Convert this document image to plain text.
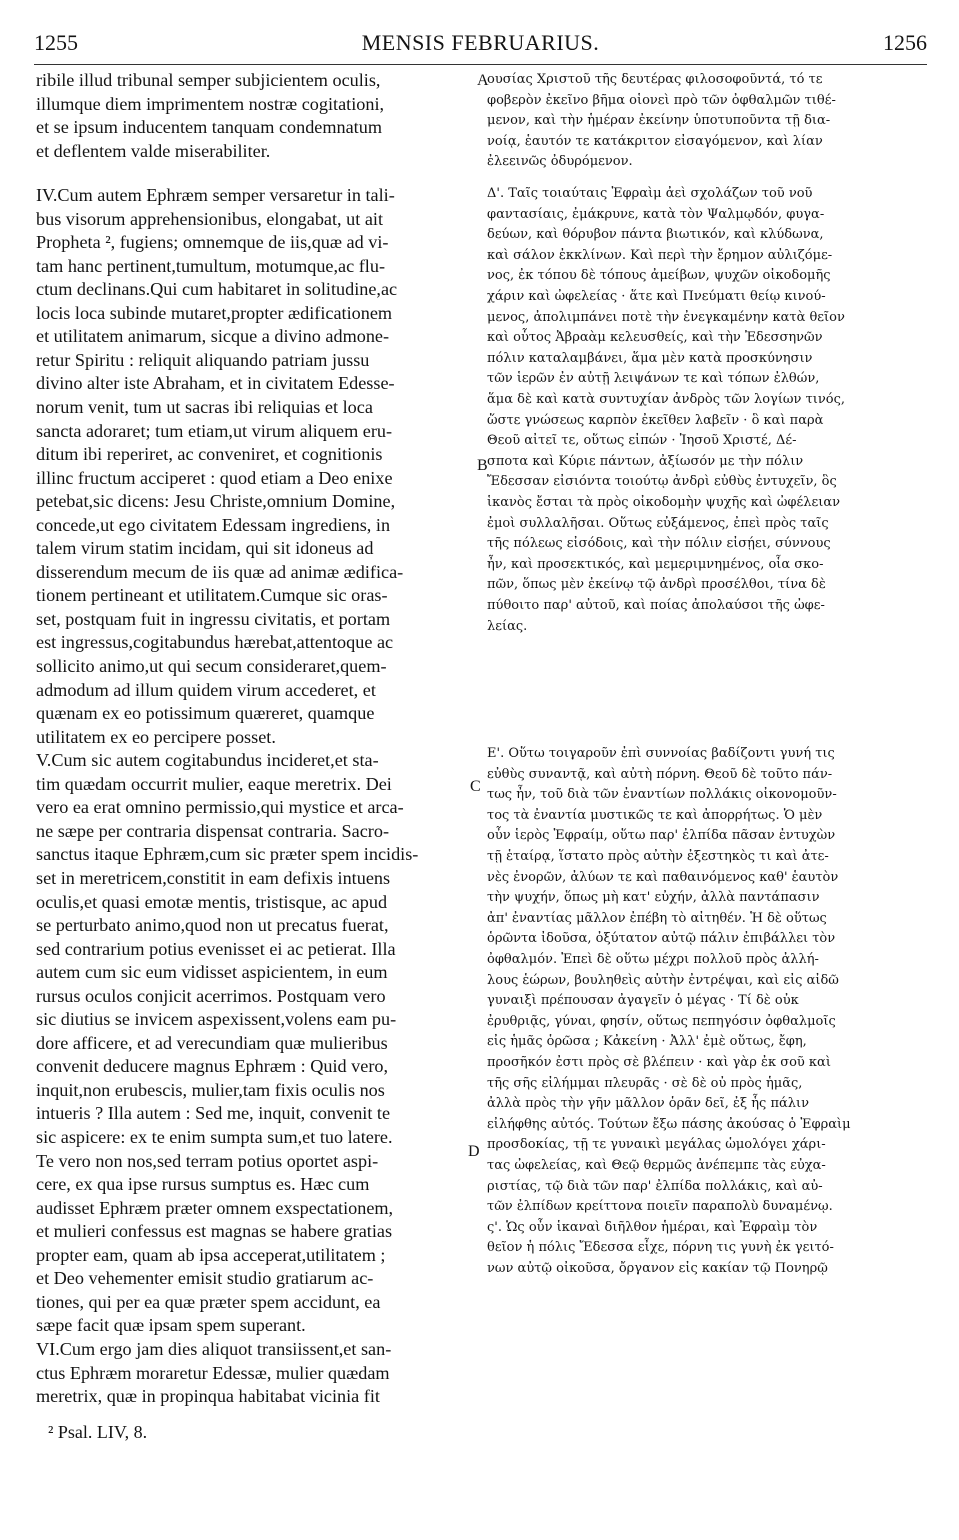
1255	MENSIS FEBRUARIUS.	1256
ribile illud tribunal semper subjicientem oculis,
illumque diem imprimentem nostræ cogitationi,
et se ipsum inducentem tanquam condemnatum
et deflentem valde miserabiliter.
IV.Cum autem Ephræm semper versaretur in tali-
bus visorum apprehensionibus, elongabat, ut ait
Propheta ², fugiens; omnemque de iis,quæ ad vi-
tam hanc pertinent,tumultum, motumque,ac flu-
ctum declinans.Qui cum habitaret in solitudine,ac
locis loca subinde mutaret,propter ædificationem
et utilitatem animarum, sicque a divino admone-
retur Spiritu : reliquit aliquando patriam jussu
divino alter iste Abraham, et in civitatem Edesse-
norum venit, tum ut sacras ibi reliquias et loca
sancta adoraret; tum etiam,ut virum aliquem eru-
ditum ibi reperiret, ac conveniret, et cognitionis
illinc fructum acciperet : quod etiam a Deo enixe
petebat,sic dicens: Jesu Christe,omnium Domine,
concede,ut ego civitatem Edessam ingrediens, in
talem virum statim incidam, qui sit idoneus ad
disserendum mecum de iis quæ ad animæ ædifica-
tionem pertineant et utilitatem.Cumque sic oras-
set, postquam fuit in ingressu civitatis, et portam
est ingressus,cogitabundus hærebat,attentoque ac
sollicito animo,ut qui secum consideraret,quem-
admodum ad illum quidem virum accederet, et
quænam ex eo potissimum quæreret, quamque
utilitatem ex eo percipere posset.
V.Cum sic autem cogitabundus incideret,et sta-
tim quædam occurrit mulier, eaque meretrix. Dei
vero ea erat omnino permissio,qui mystice et arca-
ne sæpe per contraria dispensat contraria. Sacro-
sanctus itaque Ephræm,cum sic præter spem incidis-
set in meretricem,constitit in eam defixis intuens
oculis,et quasi emotæ mentis, tristisque, ac apud
se perturbato animo,quod non ut precatus fuerat,
sed contrarium potius evenisset ei ac petierat. Illa
autem cum sic eum vidisset aspicientem, in eum
rursus oculos conjicit acerrimos. Postquam vero
sic diutius se invicem aspexissent,volens eam pu-
dore afficere, et ad verecundiam quæ mulieribus
convenit deducere magnus Ephræm : Quid vero,
inquit,non erubescis, mulier,tam fixis oculis nos
intueris ? Illa autem : Sed me, inquit, convenit te
sic aspicere: ex te enim sumpta sum,et tuo latere.
Te vero non nos,sed terram potius oportet aspi-
cere, ex qua ipse rursus sumptus es. Hæc cum
audisset Ephræm præter omnem exspectationem,
et mulieri confessus est magnas se habere gratias
propter eam, quam ab ipsa acceperat,utilitatem ;
et Deo vehementer emisit studio gratiarum ac-
tiones, qui per ea quæ præter spem accidunt, ea
sæpe facit quæ ipsam spem superant.
VI.Cum ergo jam dies aliquot transiissent,et san-
ctus Ephræm moraretur Edessæ, mulier quædam
meretrix, quæ in propinqua habitabat vicinia fit
ουσίας Χριστοῦ τῆς δευτέρας φιλοσοφοῦντά, τό τε
φοβερὸν ἐκεῖνο βῆμα οἱονεὶ πρὸ τῶν ὀφθαλμῶν τιθέ-
μενον, καὶ τὴν ἡμέραν ἐκείνην ὑποτυποῦντα τῇ δια-
νοίᾳ, ἑαυτόν τε κατάκριτον εἰσαγόμενον, καὶ λίαν
ἐλεεινῶς ὀδυρόμενον.
Δ'. Ταῖς τοιαύταις Ἐφραὶμ ἀεὶ σχολάζων τοῦ νοῦ
φαντασίαις, ἐμάκρυνε, κατὰ τὸν Ψαλμῳδόν, φυγα-
δεύων, καὶ θόρυβον πάντα βιωτικόν, καὶ κλύδωνα,
καὶ σάλον ἐκκλίνων. Καὶ περὶ τὴν ἔρημον αὐλιζόμε-
νος, ἐκ τόπου δὲ τόπους ἀμείβων, ψυχῶν οἰκοδομῆς
χάριν καὶ ὠφελείας · ἅτε καὶ Πνεύματι θείῳ κινού-
μενος, ἀπολιμπάνει ποτὲ τὴν ἐνεγκαμένην κατὰ θεῖον
καὶ οὗτος Ἀβραὰμ κελευσθείς, καὶ τὴν Ἐδεσσηνῶν
πόλιν καταλαμβάνει, ἅμα μὲν κατὰ προσκύνησιν
τῶν ἱερῶν ἐν αὐτῇ λειψάνων τε καὶ τόπων ἐλθών,
ἅμα δὲ καὶ κατὰ συντυχίαν ἀνδρὸς τῶν λογίων τινός,
ὥστε γνώσεως καρπὸν ἐκεῖθεν λαβεῖν · ὃ καὶ παρὰ
Θεοῦ αἰτεῖ τε, οὕτως εἰπών · Ἰησοῦ Χριστέ, Δέ-
σποτα καὶ Κύριε πάντων, ἀξίωσόν με τὴν πόλιν
Ἔδεσσαν εἰσιόντα τοιούτῳ ἀνδρὶ εὐθὺς ἐντυχεῖν, ὃς
ἱκανὸς ἔσται τὰ πρὸς οἰκοδομὴν ψυχῆς καὶ ὠφέλειαν
ἐμοὶ συλλαλῆσαι. Οὕτως εὐξάμενος, ἐπεὶ πρὸς ταῖς
τῆς πόλεως εἰσόδοις, καὶ τὴν πόλιν εἰσῄει, σύννους
ἦν, καὶ προσεκτικός, καὶ μεμεριμνημένος, οἷα σκο-
πῶν, ὅπως μὲν ἐκείνῳ τῷ ἀνδρὶ προσέλθοι, τίνα δὲ
πύθοιτο παρ' αὐτοῦ, καὶ ποίας ἀπολαύσοι τῆς ὠφε-
λείας.
Ε'. Οὕτω τοιγαροῦν ἐπὶ συννοίας βαδίζοντι γυνή τις
εὐθὺς συναντᾷ, καὶ αὐτὴ πόρνη. Θεοῦ δὲ τοῦτο πάν-
τως ἦν, τοῦ διὰ τῶν ἐναντίων πολλάκις οἰκονομοῦν-
τος τὰ ἐναντία μυστικῶς τε καὶ ἀπορρήτως. Ὁ μὲν
οὖν ἱερὸς Ἐφραίμ, οὕτω παρ' ἐλπίδα πᾶσαν ἐντυχὼν
τῇ ἑταίρᾳ, ἵστατο πρὸς αὐτὴν ἐξεστηκὸς τι καὶ ἀτε-
νὲς ἐνορῶν, ἀλύων τε καὶ παθαινόμενος καθ' ἑαυτὸν
τὴν ψυχήν, ὅπως μὴ κατ' εὐχήν, ἀλλὰ παντάπασιν
ἀπ' ἐναντίας μᾶλλον ἐπέβη τὸ αἰτηθέν. Ἡ δὲ οὕτως
ὁρῶντα ἰδοῦσα, ὀξύτατον αὐτῷ πάλιν ἐπιβάλλει τὸν
ὀφθαλμόν. Ἐπεὶ δὲ οὕτω μέχρι πολλοῦ πρὸς ἀλλή-
λους ἑώρων, βουληθεὶς αὐτὴν ἐντρέψαι, καὶ εἰς αἰδῶ
γυναιξὶ πρέπουσαν ἀγαγεῖν ὁ μέγας · Τί δὲ οὐκ
ἐρυθριᾷς, γύναι, φησίν, οὕτως πεπηγόσιν ὀφθαλμοῖς
εἰς ἡμᾶς ὁρῶσα ; Κἀκείνη · Ἀλλ' ἐμὲ οὕτως, ἔφη,
προσῆκόν ἐστι πρὸς σὲ βλέπειν · καὶ γὰρ ἐκ σοῦ καὶ
τῆς σῆς εἰλήμμαι πλευρᾶς · σὲ δὲ οὐ πρὸς ἡμᾶς,
ἀλλὰ πρὸς τὴν γῆν μᾶλλον ὁρᾶν δεῖ, ἐξ ἧς πάλιν
εἰλήφθης αὐτός. Τούτων ἔξω πάσης ἀκούσας ὁ Ἐφραὶμ
προσδοκίας, τῇ τε γυναικὶ μεγάλας ὡμολόγει χάρι-
τας ὠφελείας, καὶ Θεῷ θερμῶς ἀνέπεμπε τὰς εὐχα-
ριστίας, τῷ διὰ τῶν παρ' ἐλπίδα πολλάκις, καὶ αὐ-
τῶν ἐλπίδων κρείττονα ποιεῖν παραπολὺ δυναμένῳ.
ς'. Ὡς οὖν ἱκαναὶ διῆλθον ἡμέραι, καὶ Ἐφραὶμ τὸν
θεῖον ἡ πόλις Ἔδεσσα εἶχε, πόρνη τις γυνὴ ἐκ γειτό-
νων αὐτῷ οἰκοῦσα, ὄργανον εἰς κακίαν τῷ Πονηρῷ
A
B
C
D
² Psal. LIV, 8.
